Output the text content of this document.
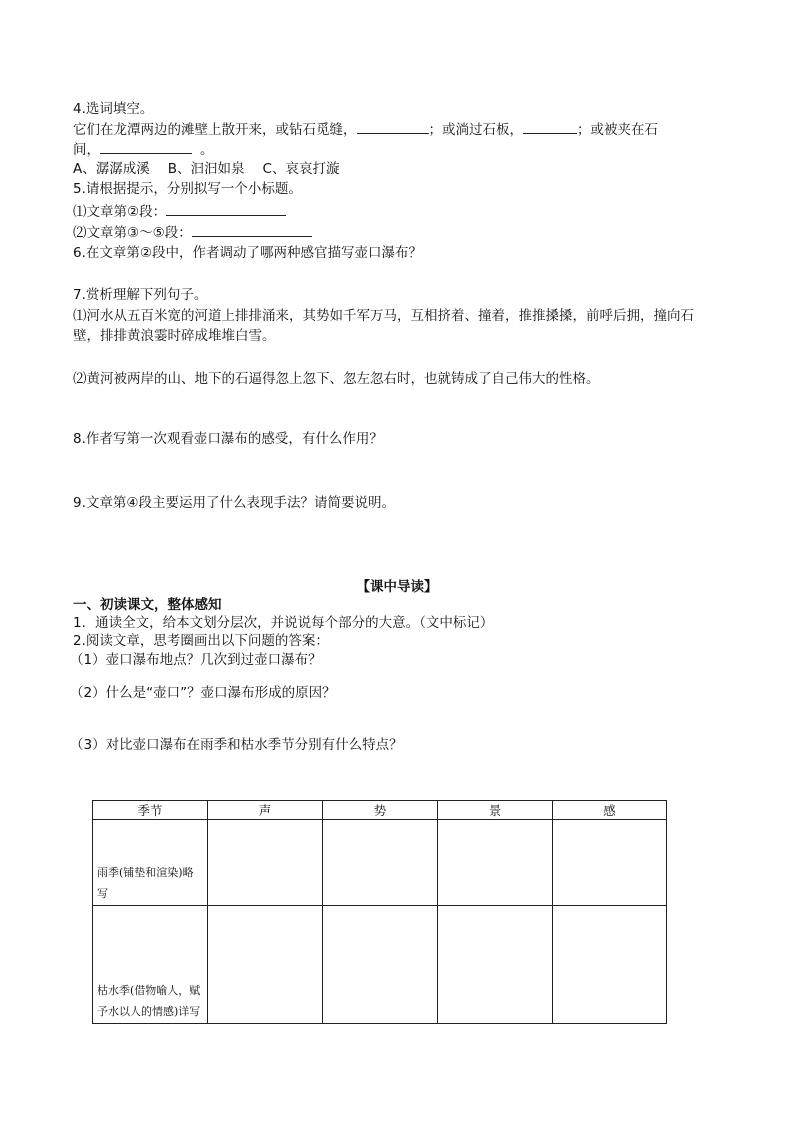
4.选词填空。
它们在龙潭两边的滩壁上散开来，或钻石觅缝，	；或淌过石板，	；或被夹在石
间，	。
A、潺潺成溪 B、汩汩如泉 C、哀哀打漩
5.请根据提示，分别拟写一个小标题。
⑴文章第②段：
⑵文章第③～⑤段：
6.在文章第②段中，作者调动了哪两种感官描写壶口瀑布？
7.赏析理解下列句子。
⑴河水从五百米宽的河道上排排涌来，其势如千军万马，互相挤着、撞着，推推搡搡，前呼后拥，撞向石
壁，排排黄浪霎时碎成堆堆白雪。
⑵黄河被两岸的山、地下的石逼得忽上忽下、忽左忽右时，也就铸成了自己伟大的性格。
8.作者写第一次观看壶口瀑布的感受，有什么作用？
9.文章第④段主要运用了什么表现手法？请简要说明。
【课中导读】
一、初读课文，整体感知
1．通读全文，给本文划分层次，并说说每个部分的大意。（文中标记）
2.阅读文章，思考圈画出以下问题的答案：
（1）壶口瀑布地点？几次到过壶口瀑布？
（2）什么是“壶口”？壶口瀑布形成的原因？
（3）对比壶口瀑布在雨季和枯水季节分别有什么特点？
季节	声	势	景	感
雨季(铺垫和渲染)略写				
枯水季(借物喻人，赋予水以人的情感)详写				
